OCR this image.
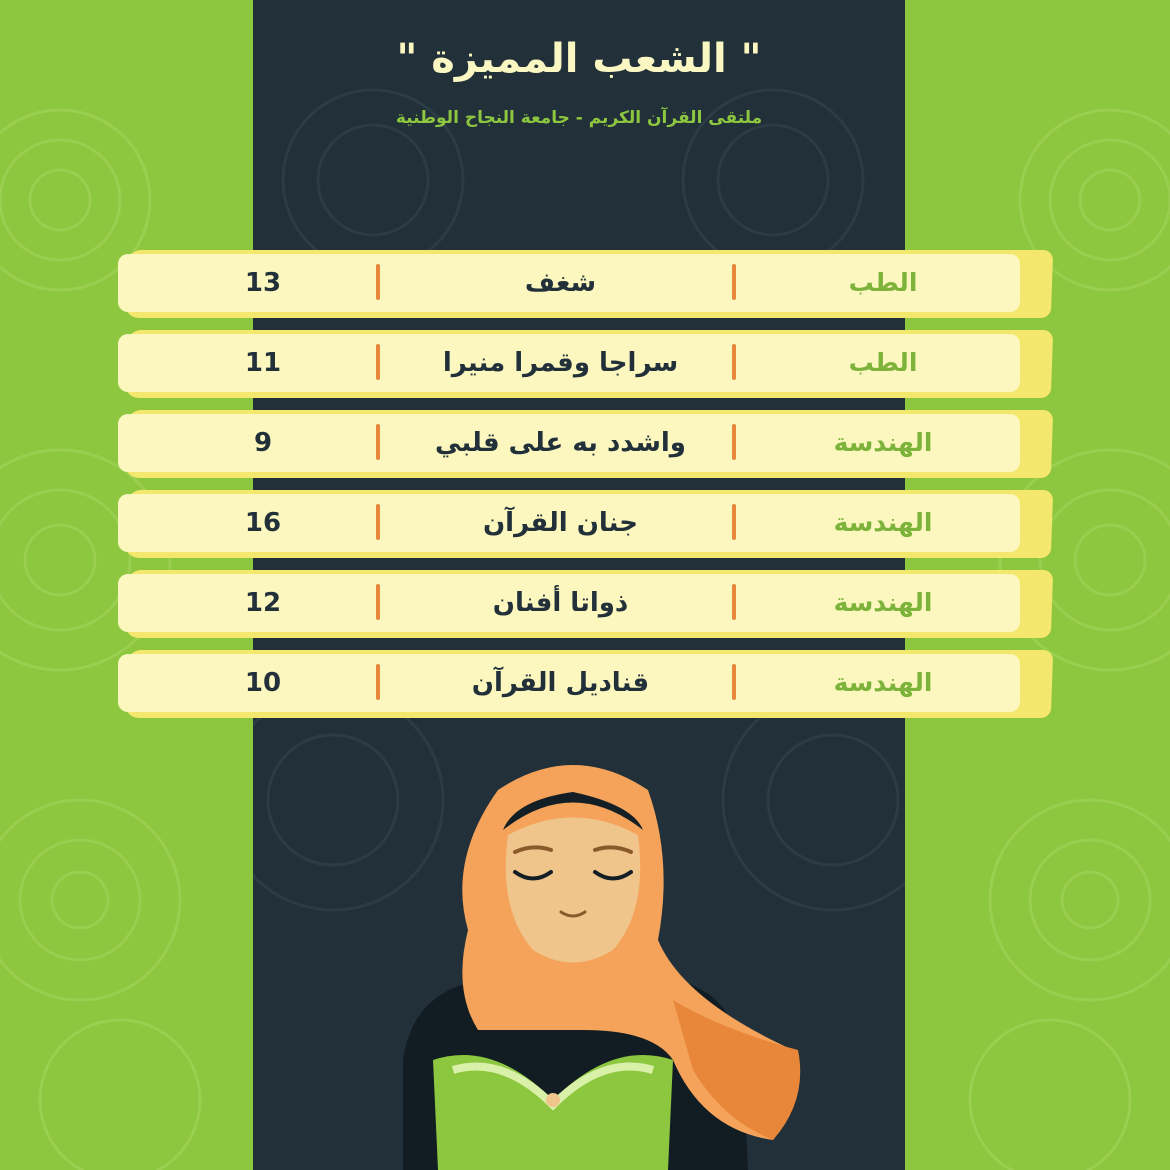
" الشعب المميزة "
ملتقى القرآن الكريم - جامعة النجاح الوطنية
13	شغف	الطب
11	سراجا وقمرا منيرا	الطب
9	واشدد به على قلبي	الهندسة
16	جنان القرآن	الهندسة
12	ذواتا أفنان	الهندسة
10	قناديل القرآن	الهندسة
